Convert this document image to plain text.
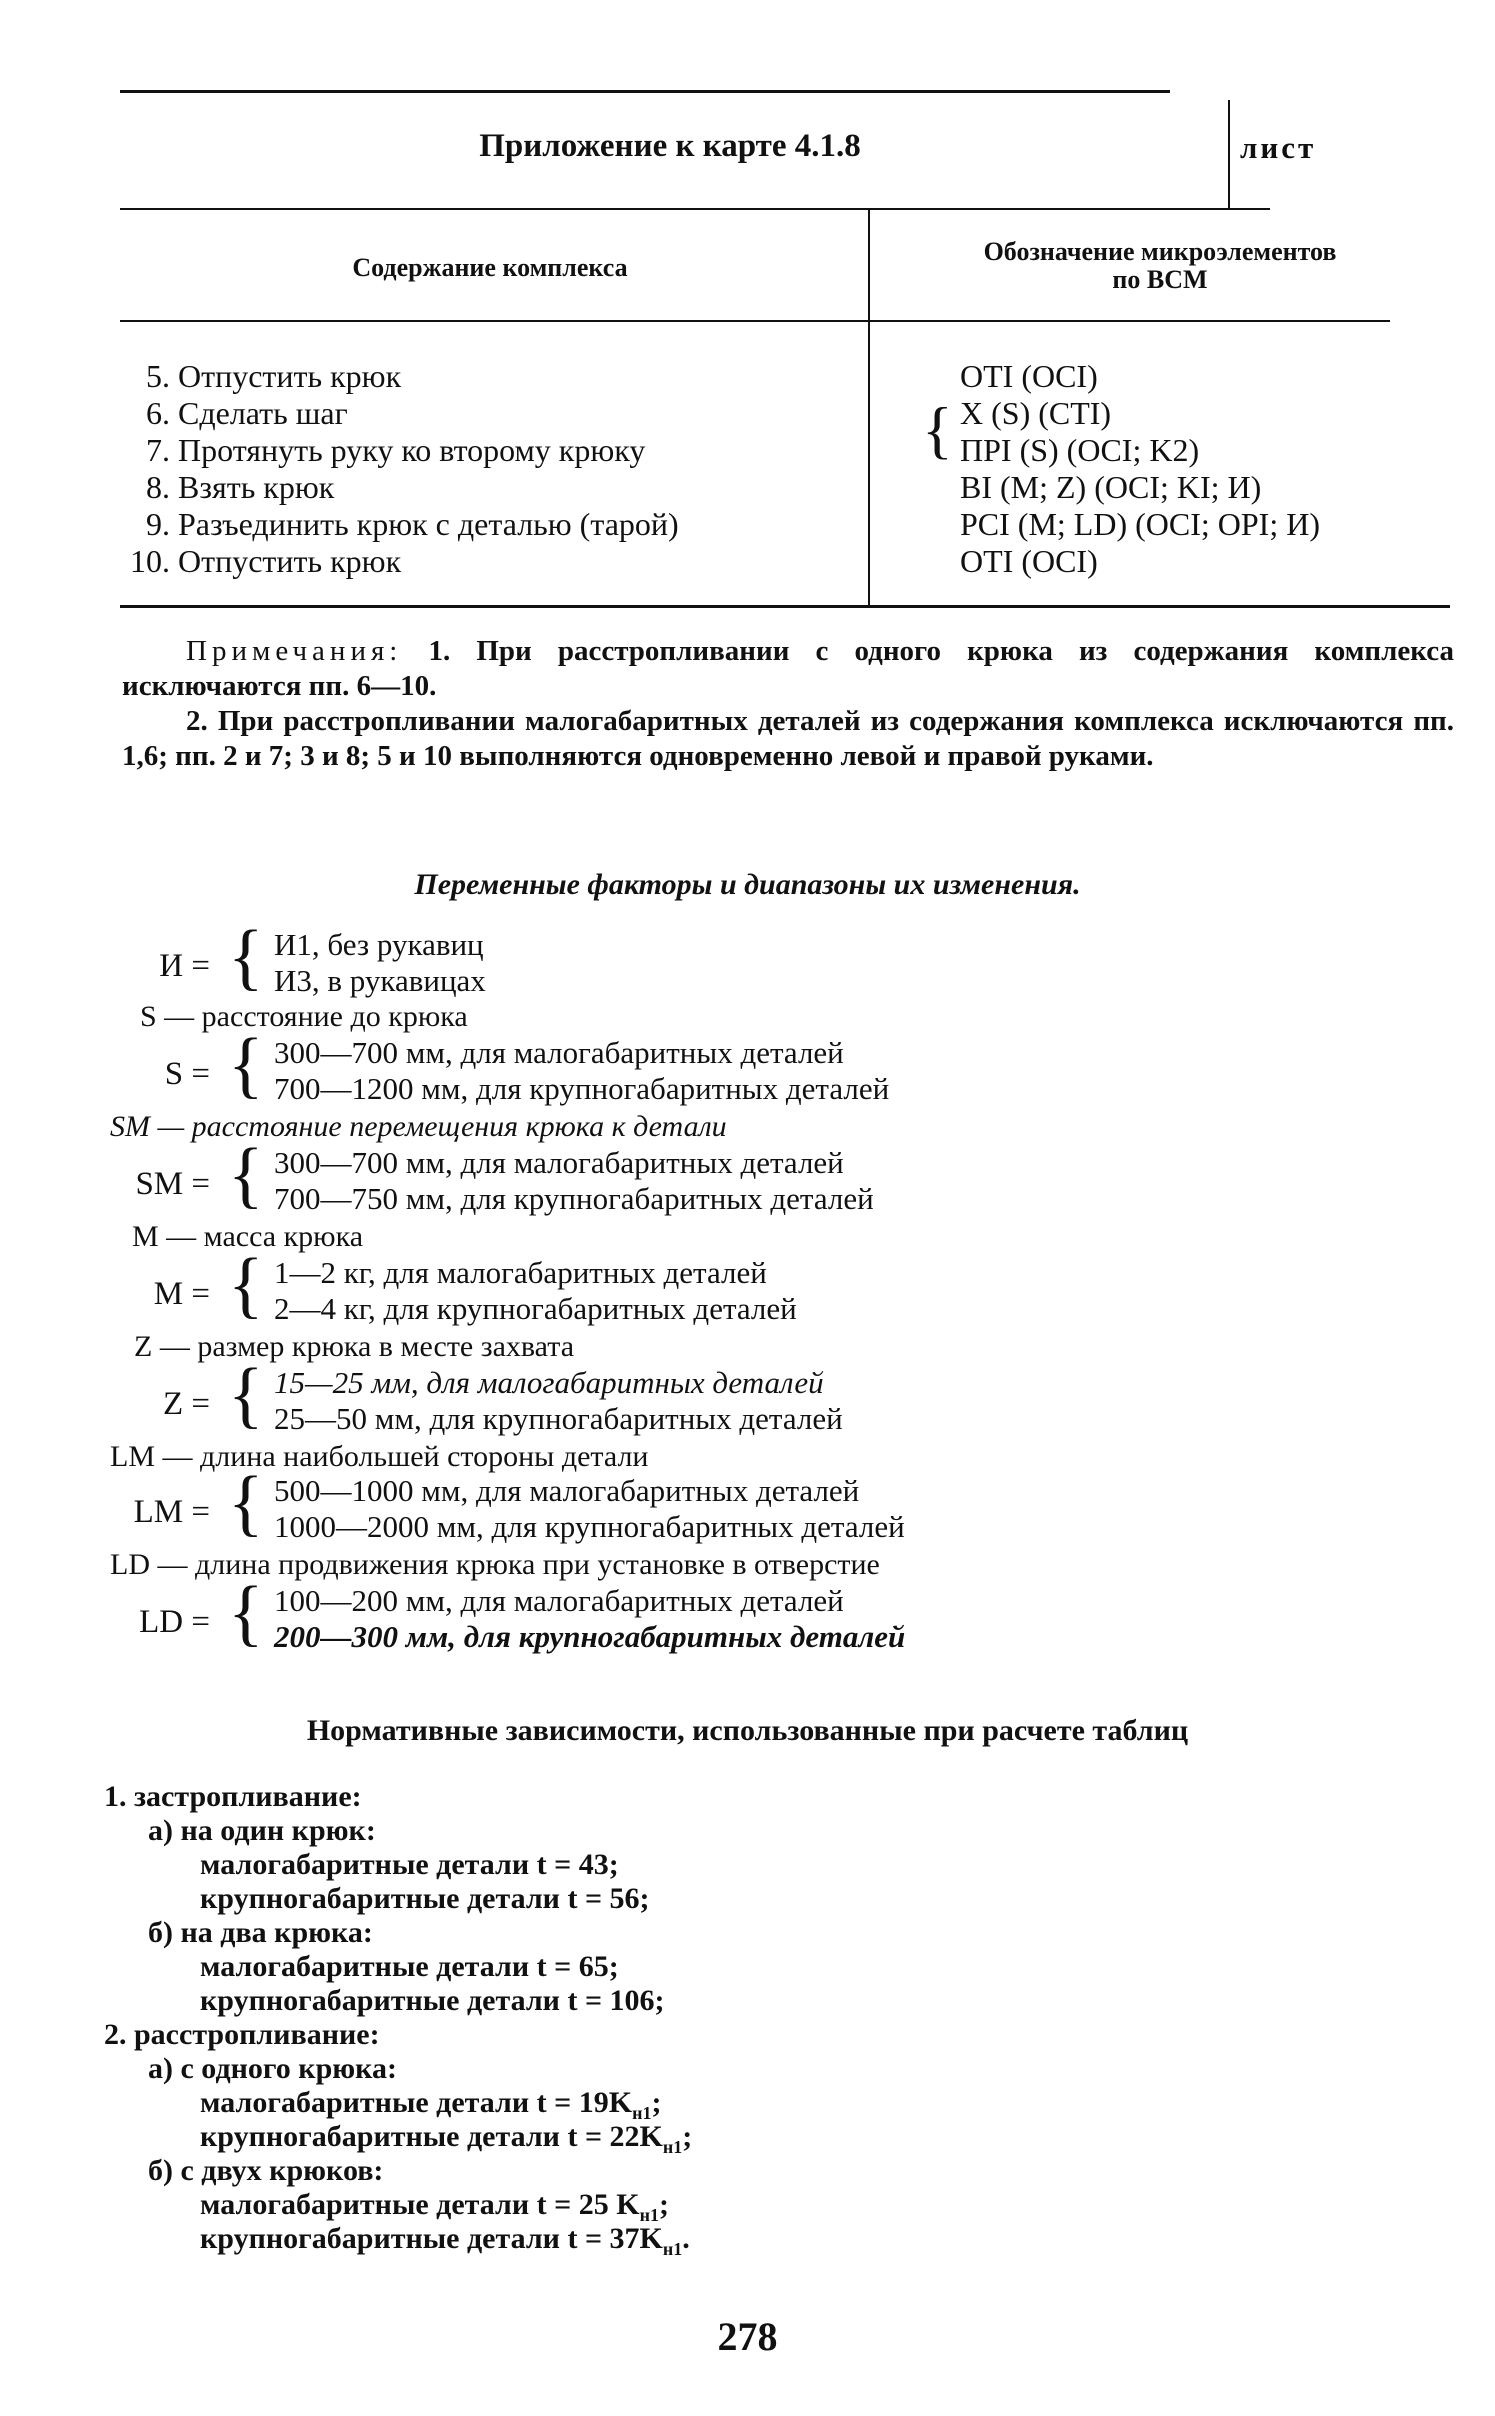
Приложение к карте 4.1.8	лист
Содержание комплекса
Обозначение микроэлементов
по ВСМ
5. Отпустить крюк
6. Сделать шаг
7. Протянуть руку ко второму крюку
8. Взять крюк
9. Разъединить крюк с деталью (тарой)
10. Отпустить крюк
{
OTI (OCI)
X (S) (CTI)
ПPI (S) (OCI; K2)
BI (M; Z) (OCI; KI; И)
PCI (M; LD) (OCI; OPI; И)
OTI (OCI)

Примечания: 1. При расстропливании с одного крюка из содержания комплекса исключаются пп. 6—10.

2. При расстропливании малогабаритных деталей из содержания комплекса исключаются пп. 1,6; пп. 2 и 7; 3 и 8; 5 и 10 выполняются одновременно левой и правой руками.

Переменные факторы и диапазоны их изменения.
И = { И1, без рукавиц
И3, в рукавицах
S — расстояние до крюка
S = { 300—700 мм, для малогабаритных деталей
700—1200 мм, для крупногабаритных деталей
SM — расстояние перемещения крюка к детали
SM = { 300—700 мм, для малогабаритных деталей
700—750 мм, для крупногабаритных деталей
M — масса крюка
M = { 1—2 кг, для малогабаритных деталей
2—4 кг, для крупногабаритных деталей
Z — размер крюка в месте захвата
Z = { 15—25 мм, для малогабаритных деталей
25—50 мм, для крупногабаритных деталей
LM — длина наибольшей стороны детали
LM = { 500—1000 мм, для малогабаритных деталей
1000—2000 мм, для крупногабаритных деталей
LD — длина продвижения крюка при установке в отверстие
LD = { 100—200 мм, для малогабаритных деталей
200—300 мм, для крупногабаритных деталей
Нормативные зависимости, использованные при расчете таблиц
1. застропливание:
а) на один крюк:
малогабаритные детали t = 43;
крупногабаритные детали t = 56;
б) на два крюка:
малогабаритные детали t = 65;
крупногабаритные детали t = 106;
2. расстропливание:
а) с одного крюка:
малогабаритные детали $t = 19K_{н1}$;
крупногабаритные детали $t = 22K_{н1}$;
б) с двух крюков:
малогабаритные детали t = 25 $K_{н1}$;
крупногабаритные детали $t = 37K_{н1}$.
278
